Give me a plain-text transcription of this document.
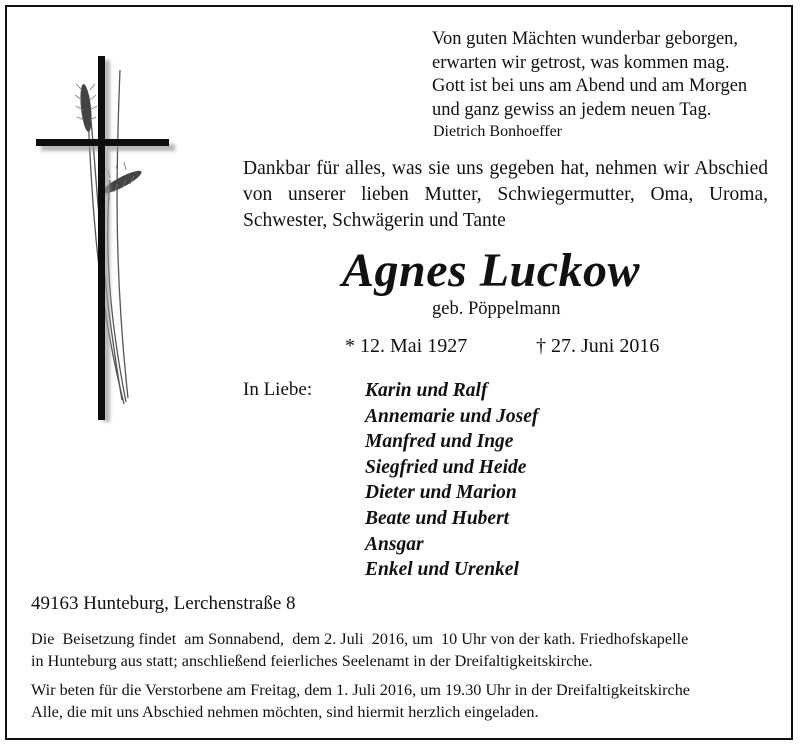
Von guten Mächten wunderbar geborgen,
erwarten wir getrost, was kommen mag.
Gott ist bei uns am Abend und am Morgen
und ganz gewiss an jedem neuen Tag.
Dietrich Bonhoeffer
Dankbar für alles, was sie uns gegeben hat, nehmen wir Abschied von unserer lieben Mutter, Schwiegermutter, Oma, Uroma, Schwester, Schwägerin und Tante
Agnes Luckow
geb. Pöppelmann
* 12. Mai 1927	† 27. Juni 2016
In Liebe:	Karin und Ralf
Annemarie und Josef
Manfred und Inge
Siegfried und Heide
Dieter und Marion
Beate und Hubert
Ansgar
Enkel und Urenkel
49163 Hunteburg, Lerchenstraße 8
Die  Beisetzung findet  am Sonnabend,  dem 2. Juli  2016, um  10 Uhr von der kath. Friedhofskapelle
in Hunteburg aus statt; anschließend feierliches Seelenamt in der Dreifaltigkeitskirche.
Wir beten für die Verstorbene am Freitag, dem 1. Juli 2016, um 19.30 Uhr in der Dreifaltigkeitskirche
Alle, die mit uns Abschied nehmen möchten, sind hiermit herzlich eingeladen.
